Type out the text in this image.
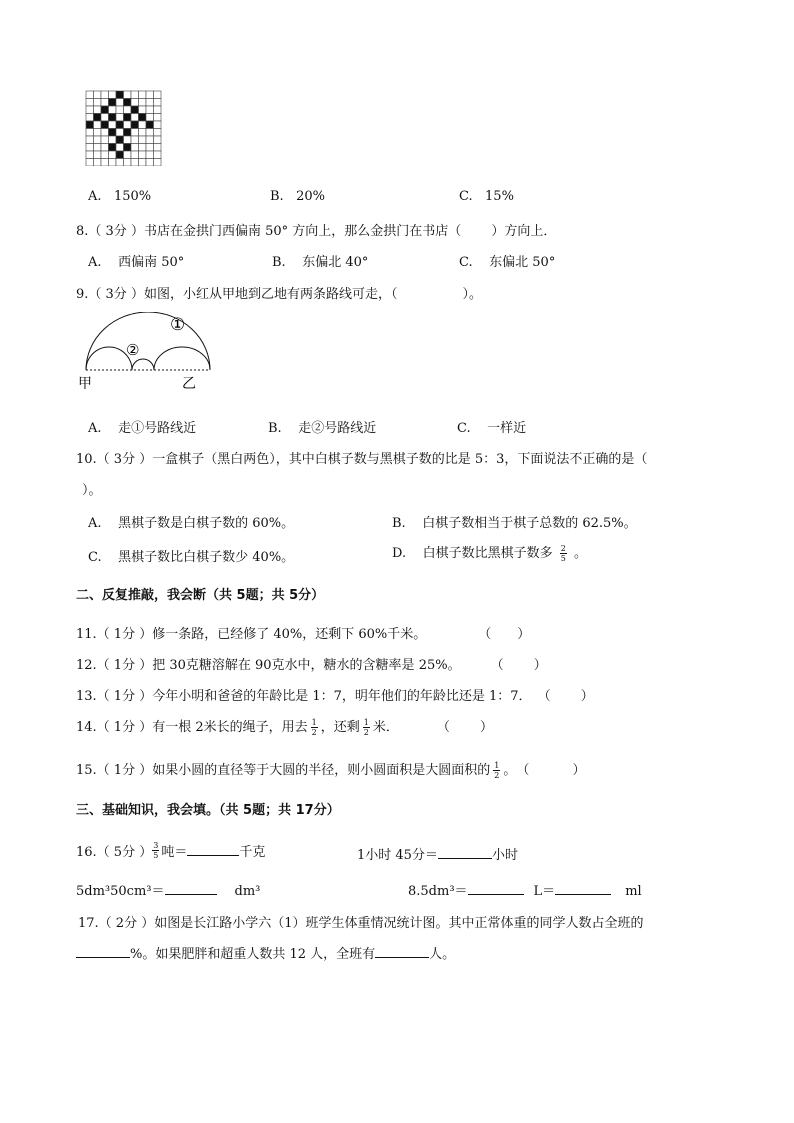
A. 150%	B. 20%	C. 15%
8.（ 3分 ）书店在金拱门西偏南 50° 方向上，那么金拱门在书店（　　 ）方向上．
A. 西偏南 50°	B. 东偏北 40°	C. 东偏北 50°
9.（ 3分 ）如图，小红从甲地到乙地有两条路线可走，（　　　　　）。
①
②
甲	乙
A. 走①号路线近	B. 走②号路线近	C. 一样近
10.（ 3分 ）一盒棋子（黑白两色），其中白棋子数与黑棋子数的比是 5：3，下面说法不正确的是（
）。
A. 黑棋子数是白棋子数的 60%。	B. 白棋子数相当于棋子总数的 62.5%。
C. 黑棋子数比白棋子数少 40%。	D. 白棋子数比黑棋子数多 $\frac{2}{5}$ 。
二、反复推敲，我会断（共 5题；共 5分）
11.（ 1分 ）修一条路，已经修了 40%，还剩下 60%千米。	（　　）
12.（ 1分 ）把 30克糖溶解在 90克水中，糖水的含糖率是 25%。 （　　 ）
13.（ 1分 ）今年小明和爸爸的年龄比是 1：7，明年他们的年龄比还是 1：7． （　　 ）
14.（ 1分 ）有一根 2米长的绳子，用去 $\frac{1}{2}$ ，还剩 $\frac{1}{2}$ 米．	（　　 ）
15.（ 1分 ）如果小圆的直径等于大圆的半径，则小圆面积是大圆面积的 $\frac{1}{2}$ 。（　　　 ）
三、基础知识，我会填。（共 5题；共 17分）
16.（ 5分 ） $\frac{3}{5}$ 吨＝	千克	1小时 45分＝	小时
5dm³50cm³＝	dm³	8.5dm³＝	L＝	ml
17.（ 2分 ）如图是长江路小学六（1）班学生体重情况统计图。其中正常体重的同学人数占全班的
%。如果肥胖和超重人数共 12 人，全班有	人。
